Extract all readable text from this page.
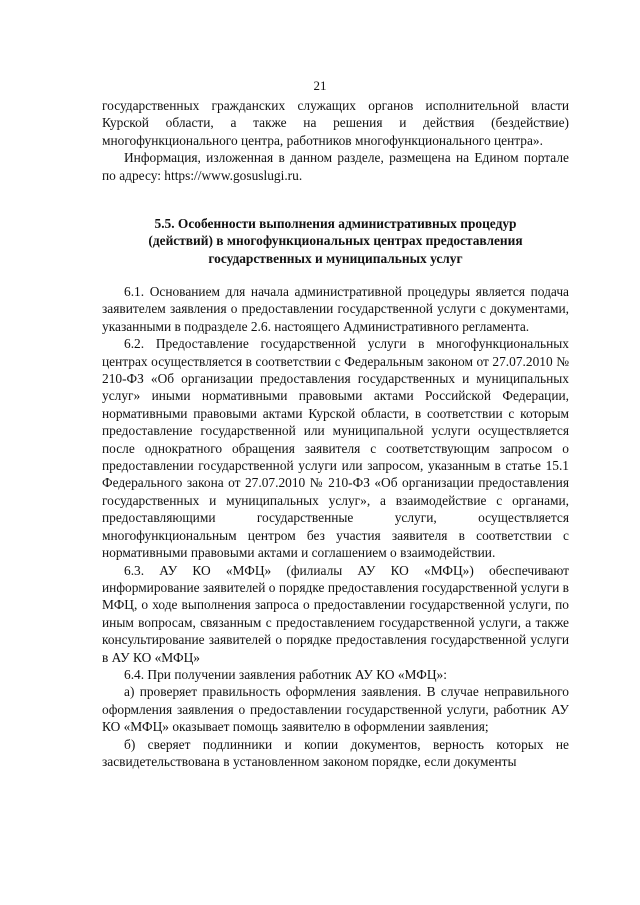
21

государственных гражданских служащих органов исполнительной власти Курской области, а также на решения и действия (бездействие) многофункционального центра, работников многофункционального центра».

Информация, изложенная в данном разделе, размещена на Едином портале по адресу: https://www.gosuslugi.ru.

5.5. Особенности выполнения административных процедур
(действий) в многофункциональных центрах предоставления
государственных и муниципальных услуг

6.1. Основанием для начала административной процедуры является подача заявителем заявления о предоставлении государственной услуги с документами, указанными в подразделе 2.6. настоящего Административного регламента.

6.2. Предоставление государственной услуги в многофункциональных центрах осуществляется в соответствии с Федеральным законом от 27.07.2010 № 210-ФЗ «Об организации предоставления государственных и муниципальных услуг» иными нормативными правовыми актами Российской Федерации, нормативными правовыми актами Курской области, в соответствии с которым предоставление государственной или муниципальной услуги осуществляется после однократного обращения заявителя с соответствующим запросом о предоставлении государственной услуги или запросом, указанным в статье 15.1 Федерального закона от 27.07.2010 № 210-ФЗ «Об организации предоставления государственных и муниципальных услуг», а взаимодействие с органами, предоставляющими государственные услуги, осуществляется многофункциональным центром без участия заявителя в соответствии с нормативными правовыми актами и соглашением о взаимодействии.

6.3. АУ КО «МФЦ» (филиалы АУ КО «МФЦ») обеспечивают информирование заявителей о порядке предоставления государственной услуги в МФЦ, о ходе выполнения запроса о предоставлении государственной услуги, по иным вопросам, связанным с предоставлением государственной услуги, а также консультирование заявителей о порядке предоставления государственной услуги в АУ КО «МФЦ»

6.4. При получении заявления работник АУ КО «МФЦ»:

а) проверяет правильность оформления заявления. В случае неправильного оформления заявления о предоставлении государственной услуги, работник АУ КО «МФЦ» оказывает помощь заявителю в оформлении заявления;

б) сверяет подлинники и копии документов, верность которых не засвидетельствована в установленном законом порядке, если документы
